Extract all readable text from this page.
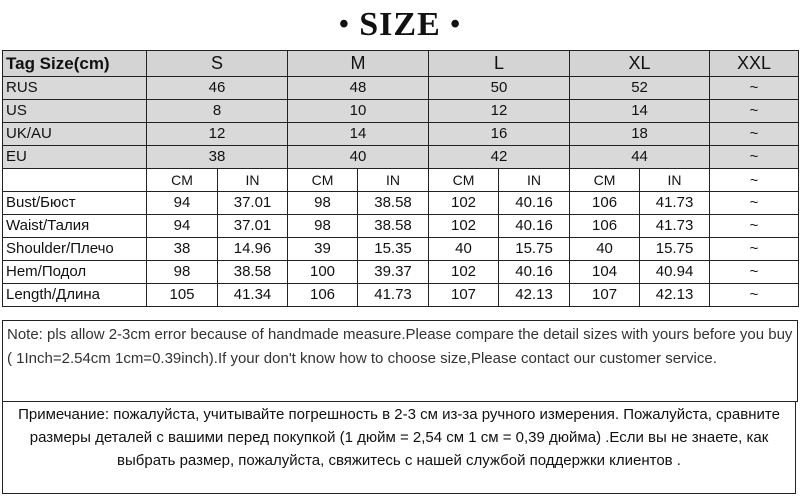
• SIZE •
Tag Size(cm)	S		M		L		XL		XXL
RUS	46		48		50		52		~
US	8		10		12		14		~
UK/AU	12		14		16		18		~
EU	38		40		42		44		~
	CM	IN	CM	IN	CM	IN	CM	IN	~
Bust/Бюст	94	37.01	98	38.58	102	40.16	106	41.73	~
Waist/Талия	94	37.01	98	38.58	102	40.16	106	41.73	~
Shoulder/Плечо	38	14.96	39	15.35	40	15.75	40	15.75	~
Hem/Подол	98	38.58	100	39.37	102	40.16	104	40.94	~
Length/Длина	105	41.34	106	41.73	107	42.13	107	42.13	~
Note: pls allow 2-3cm error because of handmade measure.Please compare the detail sizes with yours before you buy ( 1Inch=2.54cm 1cm=0.39inch).If your don't know how to choose size,Please contact our customer service.
Примечание: пожалуйста, учитывайте погрешность в 2-3 см из-за ручного измерения. Пожалуйста, сравните размеры деталей с вашими перед покупкой (1 дюйм = 2,54 см 1 см = 0,39 дюйма) .Если вы не знаете, как выбрать размер, пожалуйста, свяжитесь с нашей службой поддержки клиентов .
